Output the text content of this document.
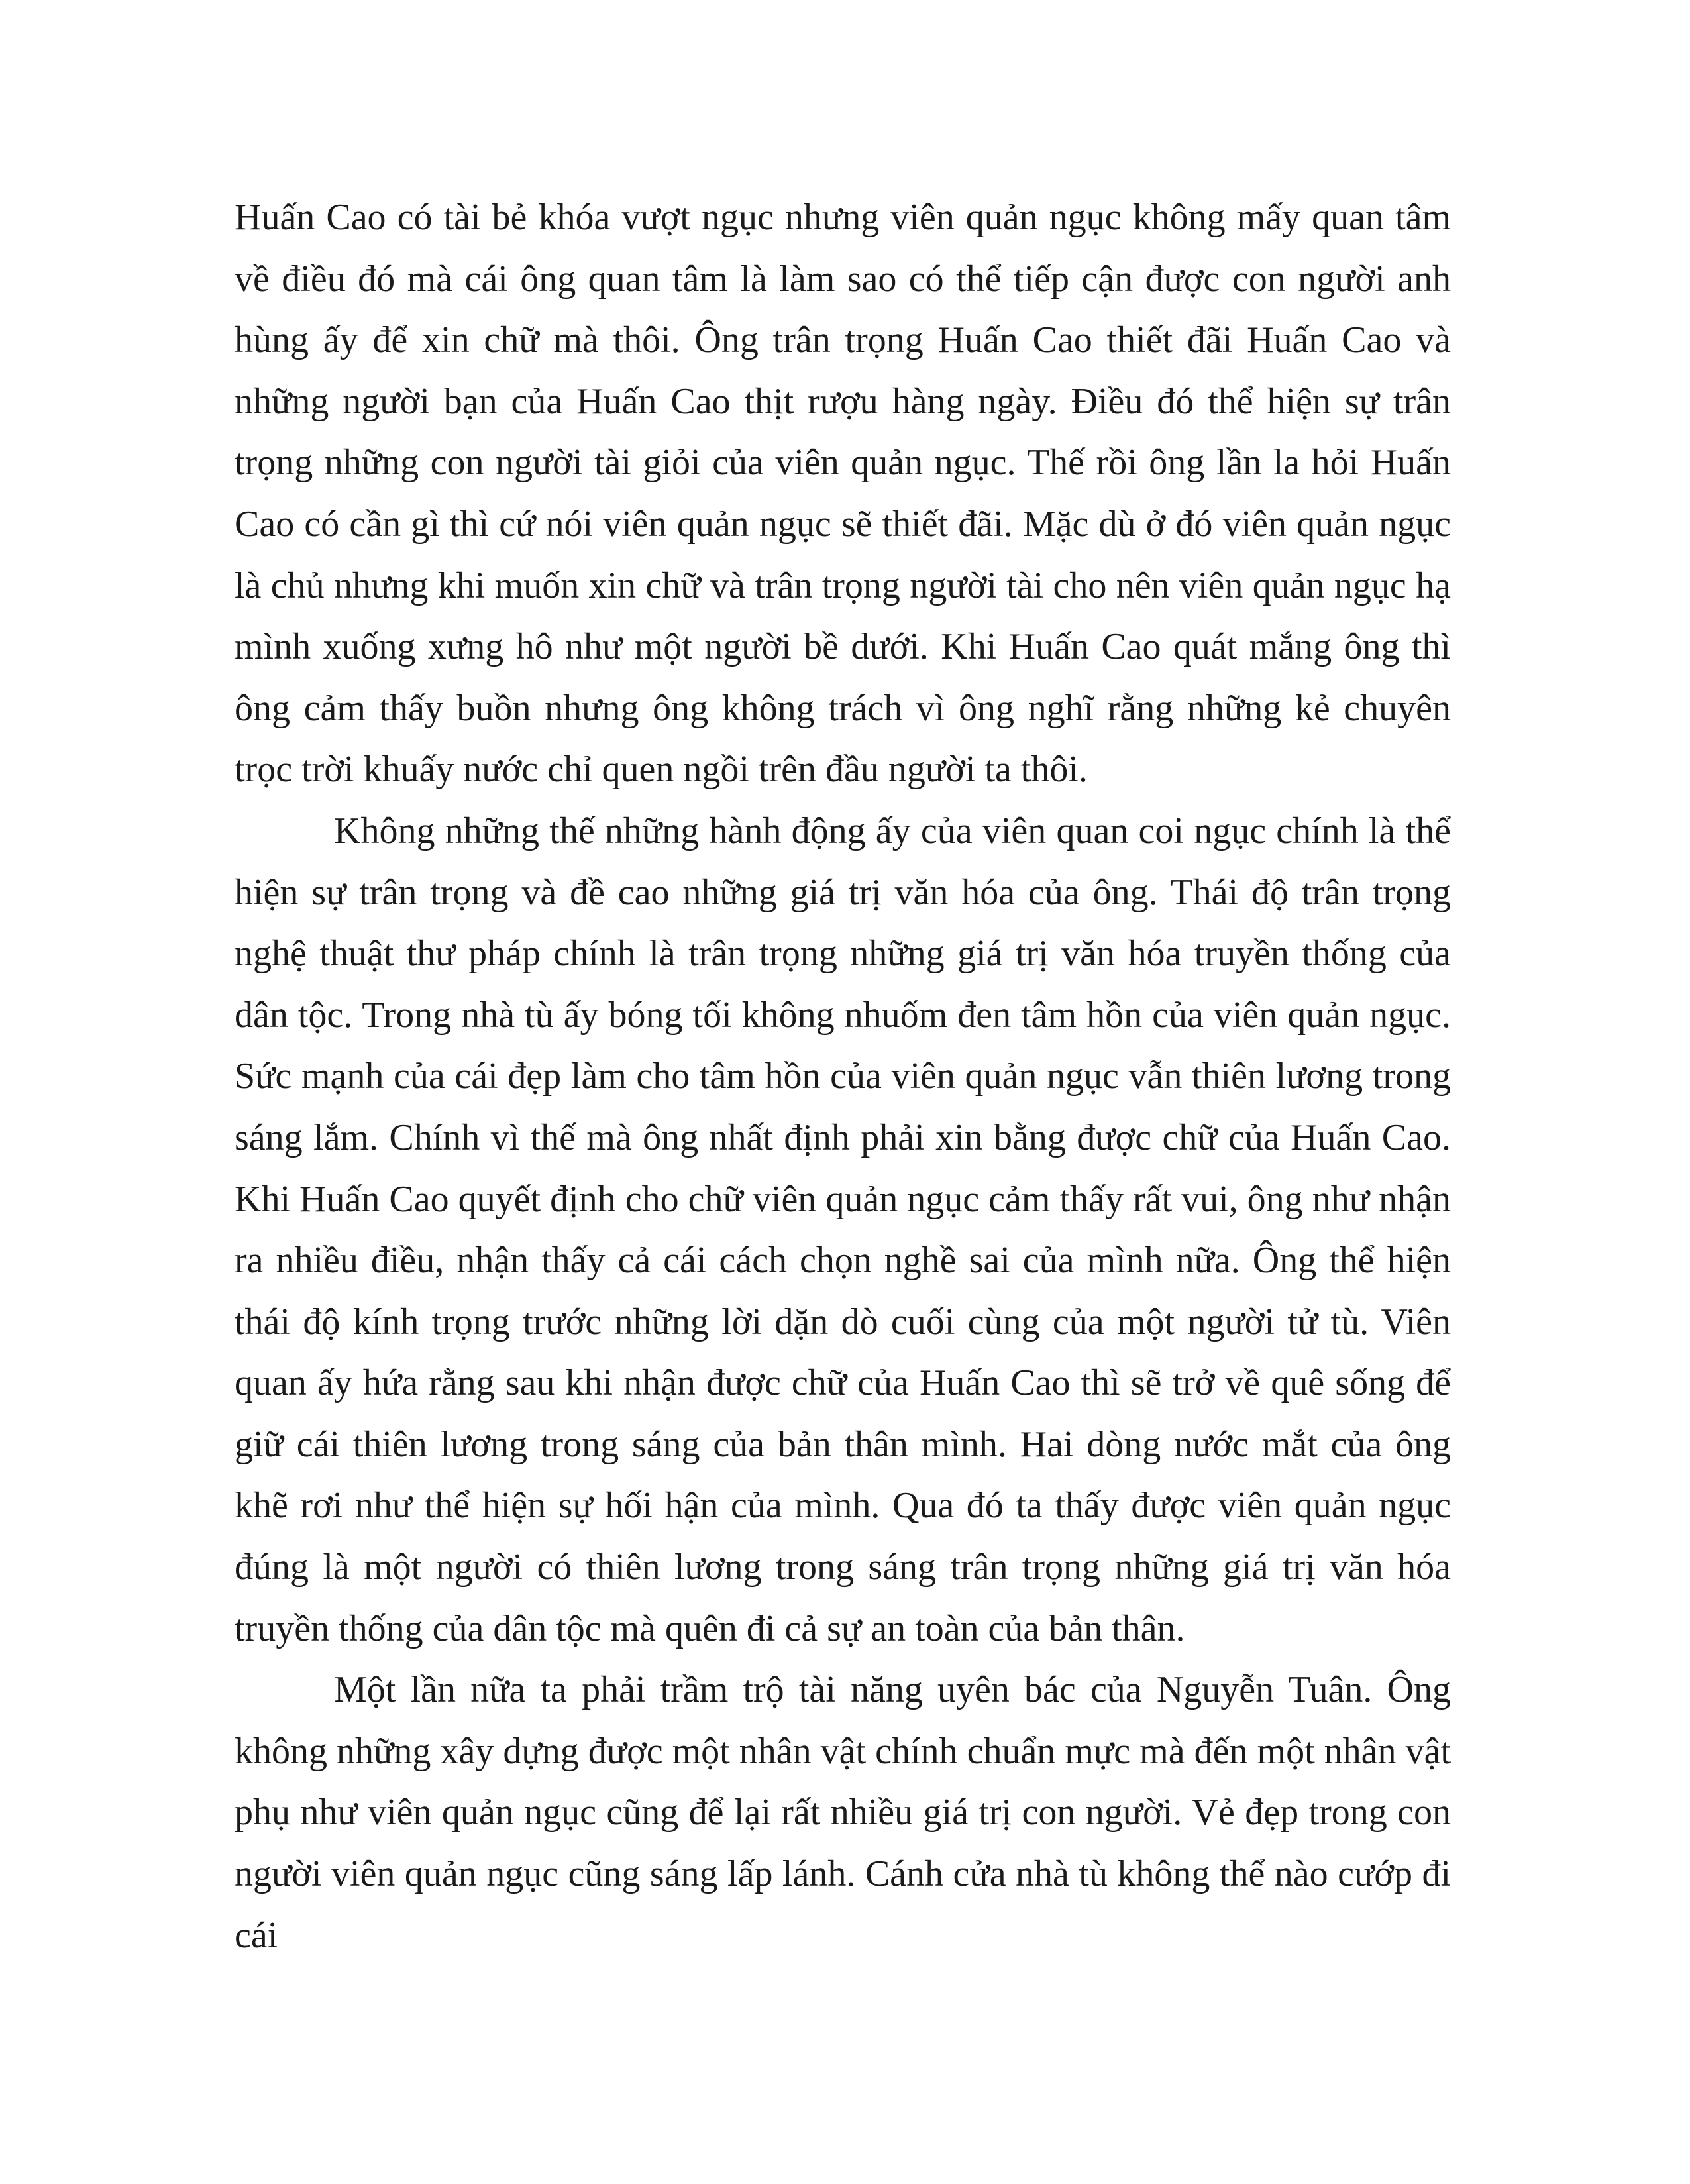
Huấn Cao có tài bẻ khóa vượt ngục nhưng viên quản ngục không mấy quan tâm về điều đó mà cái ông quan tâm là làm sao có thể tiếp cận được con người anh hùng ấy để xin chữ mà thôi. Ông trân trọng Huấn Cao thiết đãi Huấn Cao và những người bạn của Huấn Cao thịt rượu hàng ngày. Điều đó thể hiện sự trân trọng những con người tài giỏi của viên quản ngục. Thế rồi ông lần la hỏi Huấn Cao có cần gì thì cứ nói viên quản ngục sẽ thiết đãi. Mặc dù ở đó viên quản ngục là chủ nhưng khi muốn xin chữ và trân trọng người tài cho nên viên quản ngục hạ mình xuống xưng hô như một người bề dưới. Khi Huấn Cao quát mắng ông thì ông cảm thấy buồn nhưng ông không trách vì ông nghĩ rằng những kẻ chuyên trọc trời khuấy nước chỉ quen ngồi trên đầu người ta thôi.

Không những thế những hành động ấy của viên quan coi ngục chính là thể hiện sự trân trọng và đề cao những giá trị văn hóa của ông. Thái độ trân trọng nghệ thuật thư pháp chính là trân trọng những giá trị văn hóa truyền thống của dân tộc. Trong nhà tù ấy bóng tối không nhuốm đen tâm hồn của viên quản ngục. Sức mạnh của cái đẹp làm cho tâm hồn của viên quản ngục vẫn thiên lương trong sáng lắm. Chính vì thế mà ông nhất định phải xin bằng được chữ của Huấn Cao. Khi Huấn Cao quyết định cho chữ viên quản ngục cảm thấy rất vui, ông như nhận ra nhiều điều, nhận thấy cả cái cách chọn nghề sai của mình nữa. Ông thể hiện thái độ kính trọng trước những lời dặn dò cuối cùng của một người tử tù. Viên quan ấy hứa rằng sau khi nhận được chữ của Huấn Cao thì sẽ trở về quê sống để giữ cái thiên lương trong sáng của bản thân mình. Hai dòng nước mắt của ông khẽ rơi như thể hiện sự hối hận của mình. Qua đó ta thấy được viên quản ngục đúng là một người có thiên lương trong sáng trân trọng những giá trị văn hóa truyền thống của dân tộc mà quên đi cả sự an toàn của bản thân.

Một lần nữa ta phải trầm trộ tài năng uyên bác của Nguyễn Tuân. Ông không những xây dựng được một nhân vật chính chuẩn mực mà đến một nhân vật phụ như viên quản ngục cũng để lại rất nhiều giá trị con người. Vẻ đẹp trong con người viên quản ngục cũng sáng lấp lánh. Cánh cửa nhà tù không thể nào cướp đi cái
